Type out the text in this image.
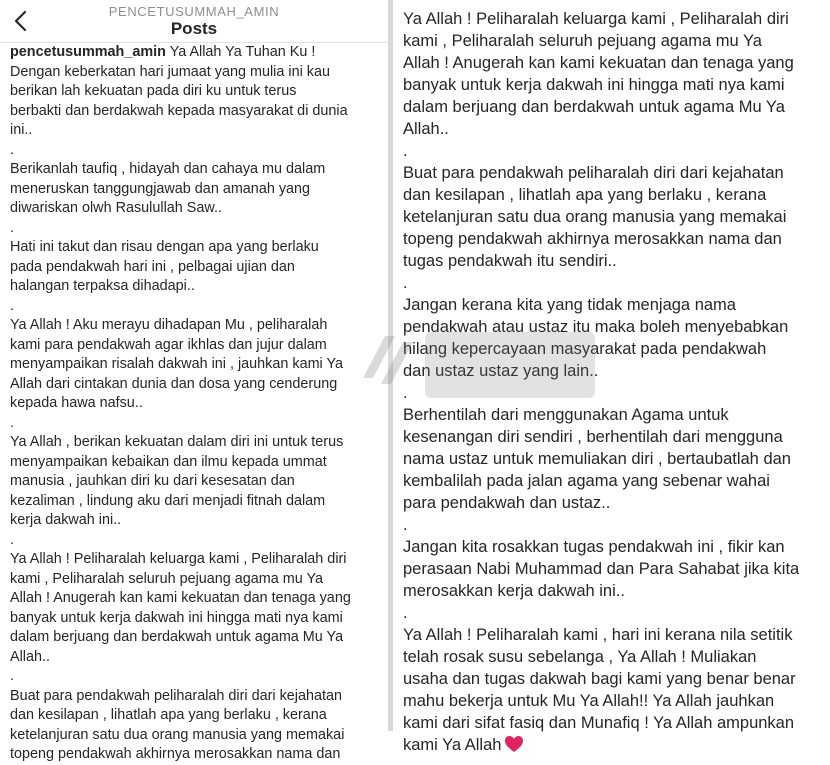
PENCETUSUMMAH_AMIN
Posts

pencetusummah_amin Ya Allah Ya Tuhan Ku !
Dengan keberkatan hari jumaat yang mulia ini kau
berikan lah kekuatan pada diri ku untuk terus
berbakti dan berdakwah kepada masyarakat di dunia
ini..

.

Berikanlah taufiq , hidayah dan cahaya mu dalam
meneruskan tanggungjawab dan amanah yang
diwariskan olwh Rasulullah Saw..

.

Hati ini takut dan risau dengan apa yang berlaku
pada pendakwah hari ini , pelbagai ujian dan
halangan terpaksa dihadapi..

.

Ya Allah ! Aku merayu dihadapan Mu , peliharalah
kami para pendakwah agar ikhlas dan jujur dalam
menyampaikan risalah dakwah ini , jauhkan kami Ya
Allah dari cintakan dunia dan dosa yang cenderung
kepada hawa nafsu..

.

Ya Allah , berikan kekuatan dalam diri ini untuk terus
menyampaikan kebaikan dan ilmu kepada ummat
manusia , jauhkan diri ku dari kesesatan dan
kezaliman , lindung aku dari menjadi fitnah dalam
kerja dakwah ini..

.

Ya Allah ! Peliharalah keluarga kami , Peliharalah diri
kami , Peliharalah seluruh pejuang agama mu Ya
Allah ! Anugerah kan kami kekuatan dan tenaga yang
banyak untuk kerja dakwah ini hingga mati nya kami
dalam berjuang dan berdakwah untuk agama Mu Ya
Allah..

.

Buat para pendakwah peliharalah diri dari kejahatan
dan kesilapan , lihatlah apa yang berlaku , kerana
ketelanjuran satu dua orang manusia yang memakai
topeng pendakwah akhirnya merosakkan nama dan

Ya Allah ! Peliharalah keluarga kami , Peliharalah diri
kami , Peliharalah seluruh pejuang agama mu Ya
Allah ! Anugerah kan kami kekuatan dan tenaga yang
banyak untuk kerja dakwah ini hingga mati nya kami
dalam berjuang dan berdakwah untuk agama Mu Ya
Allah..

.

Buat para pendakwah peliharalah diri dari kejahatan
dan kesilapan , lihatlah apa yang berlaku , kerana
ketelanjuran satu dua orang manusia yang memakai
topeng pendakwah akhirnya merosakkan nama dan
tugas pendakwah itu sendiri..

.

Jangan kerana kita yang tidak menjaga nama
pendakwah atau ustaz itu maka boleh menyebabkan
hilang kepercayaan masyarakat pada pendakwah
dan ustaz ustaz yang lain..

.

Berhentilah dari menggunakan Agama untuk
kesenangan diri sendiri , berhentilah dari mengguna
nama ustaz untuk memuliakan diri , bertaubatlah dan
kembalilah pada jalan agama yang sebenar wahai
para pendakwah dan ustaz..

.

Jangan kita rosakkan tugas pendakwah ini , fikir kan
perasaan Nabi Muhammad dan Para Sahabat jika kita
merosakkan kerja dakwah ini..

.

Ya Allah ! Peliharalah kami , hari ini kerana nila setitik
telah rosak susu sebelanga , Ya Allah ! Muliakan
usaha dan tugas dakwah bagi kami yang benar benar
mahu bekerja untuk Mu Ya Allah!! Ya Allah jauhkan
kami dari sifat fasiq dan Munafiq ! Ya Allah ampunkan
kami Ya Allah
